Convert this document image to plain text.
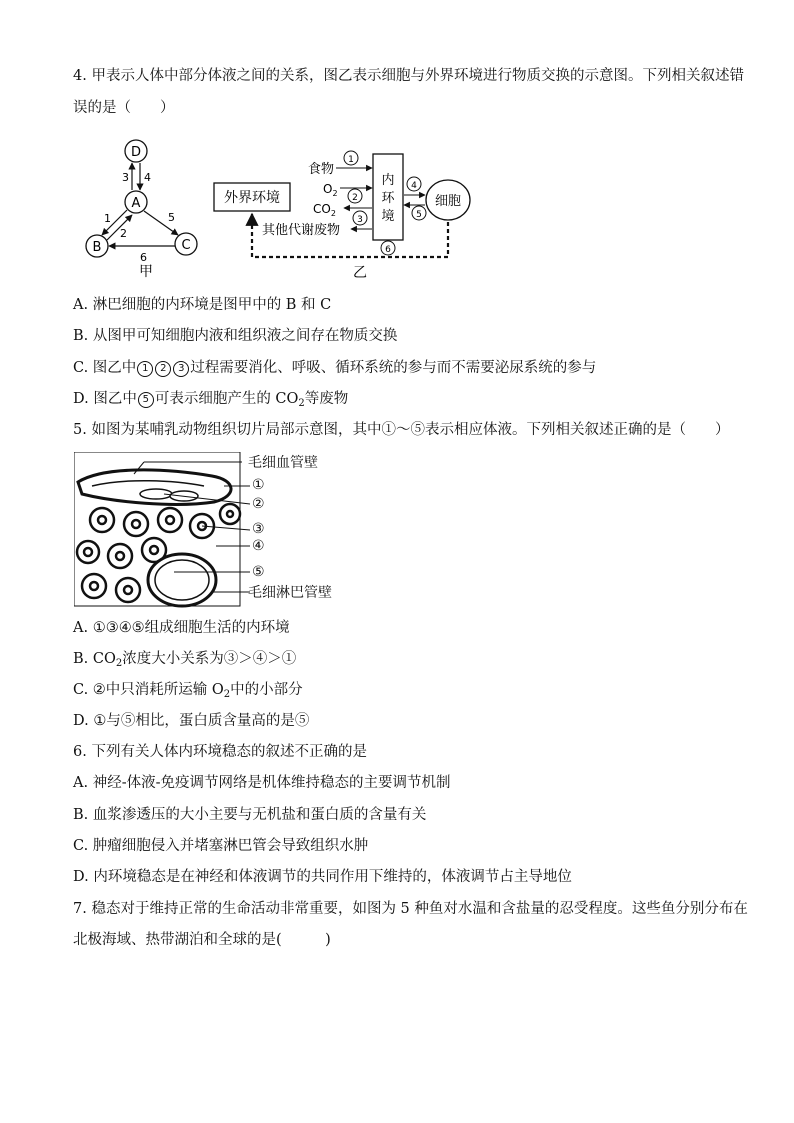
4. 甲表示人体中部分体液之间的关系，图乙表示细胞与外界环境进行物质交换的示意图。下列相关叙述错
误的是（　　）
D
A
B	C
3 4
1
2
5
6
甲
外界环境
内
环
境
细胞
食物
1
$O_2$ 2
$CO_2$
3
其他代谢废物
4
5
6
乙
A. 淋巴细胞的内环境是图甲中的 B 和 C
B. 从图甲可知细胞内液和组织液之间存在物质交换
C. 图乙中 1 2 3 过程需要消化、呼吸、循环系统的参与而不需要泌尿系统的参与
D. 图乙中 5 可表示细胞产生的 $CO_2$等废物
5. 如图为某哺乳动物组织切片局部示意图，其中①～⑤表示相应体液。下列相关叙述正确的是（　　）
毛细血管壁
①
②
③
④
⑤
毛细淋巴管壁
A. ①③④⑤组成细胞生活的内环境
B. $CO_2$浓度大小关系为③＞④＞①
C. ②中只消耗所运输 $O_2$中的小部分
D. ①与⑤相比，蛋白质含量高的是⑤
6. 下列有关人体内环境稳态的叙述不正确的是
A. 神经-体液-免疫调节网络是机体维持稳态的主要调节机制
B. 血浆渗透压的大小主要与无机盐和蛋白质的含量有关
C. 肿瘤细胞侵入并堵塞淋巴管会导致组织水肿
D. 内环境稳态是在神经和体液调节的共同作用下维持的，体液调节占主导地位
7. 稳态对于维持正常的生命活动非常重要，如图为 5 种鱼对水温和含盐量的忍受程度。这些鱼分别分布在
北极海域、热带湖泊和全球的是(　　　)
